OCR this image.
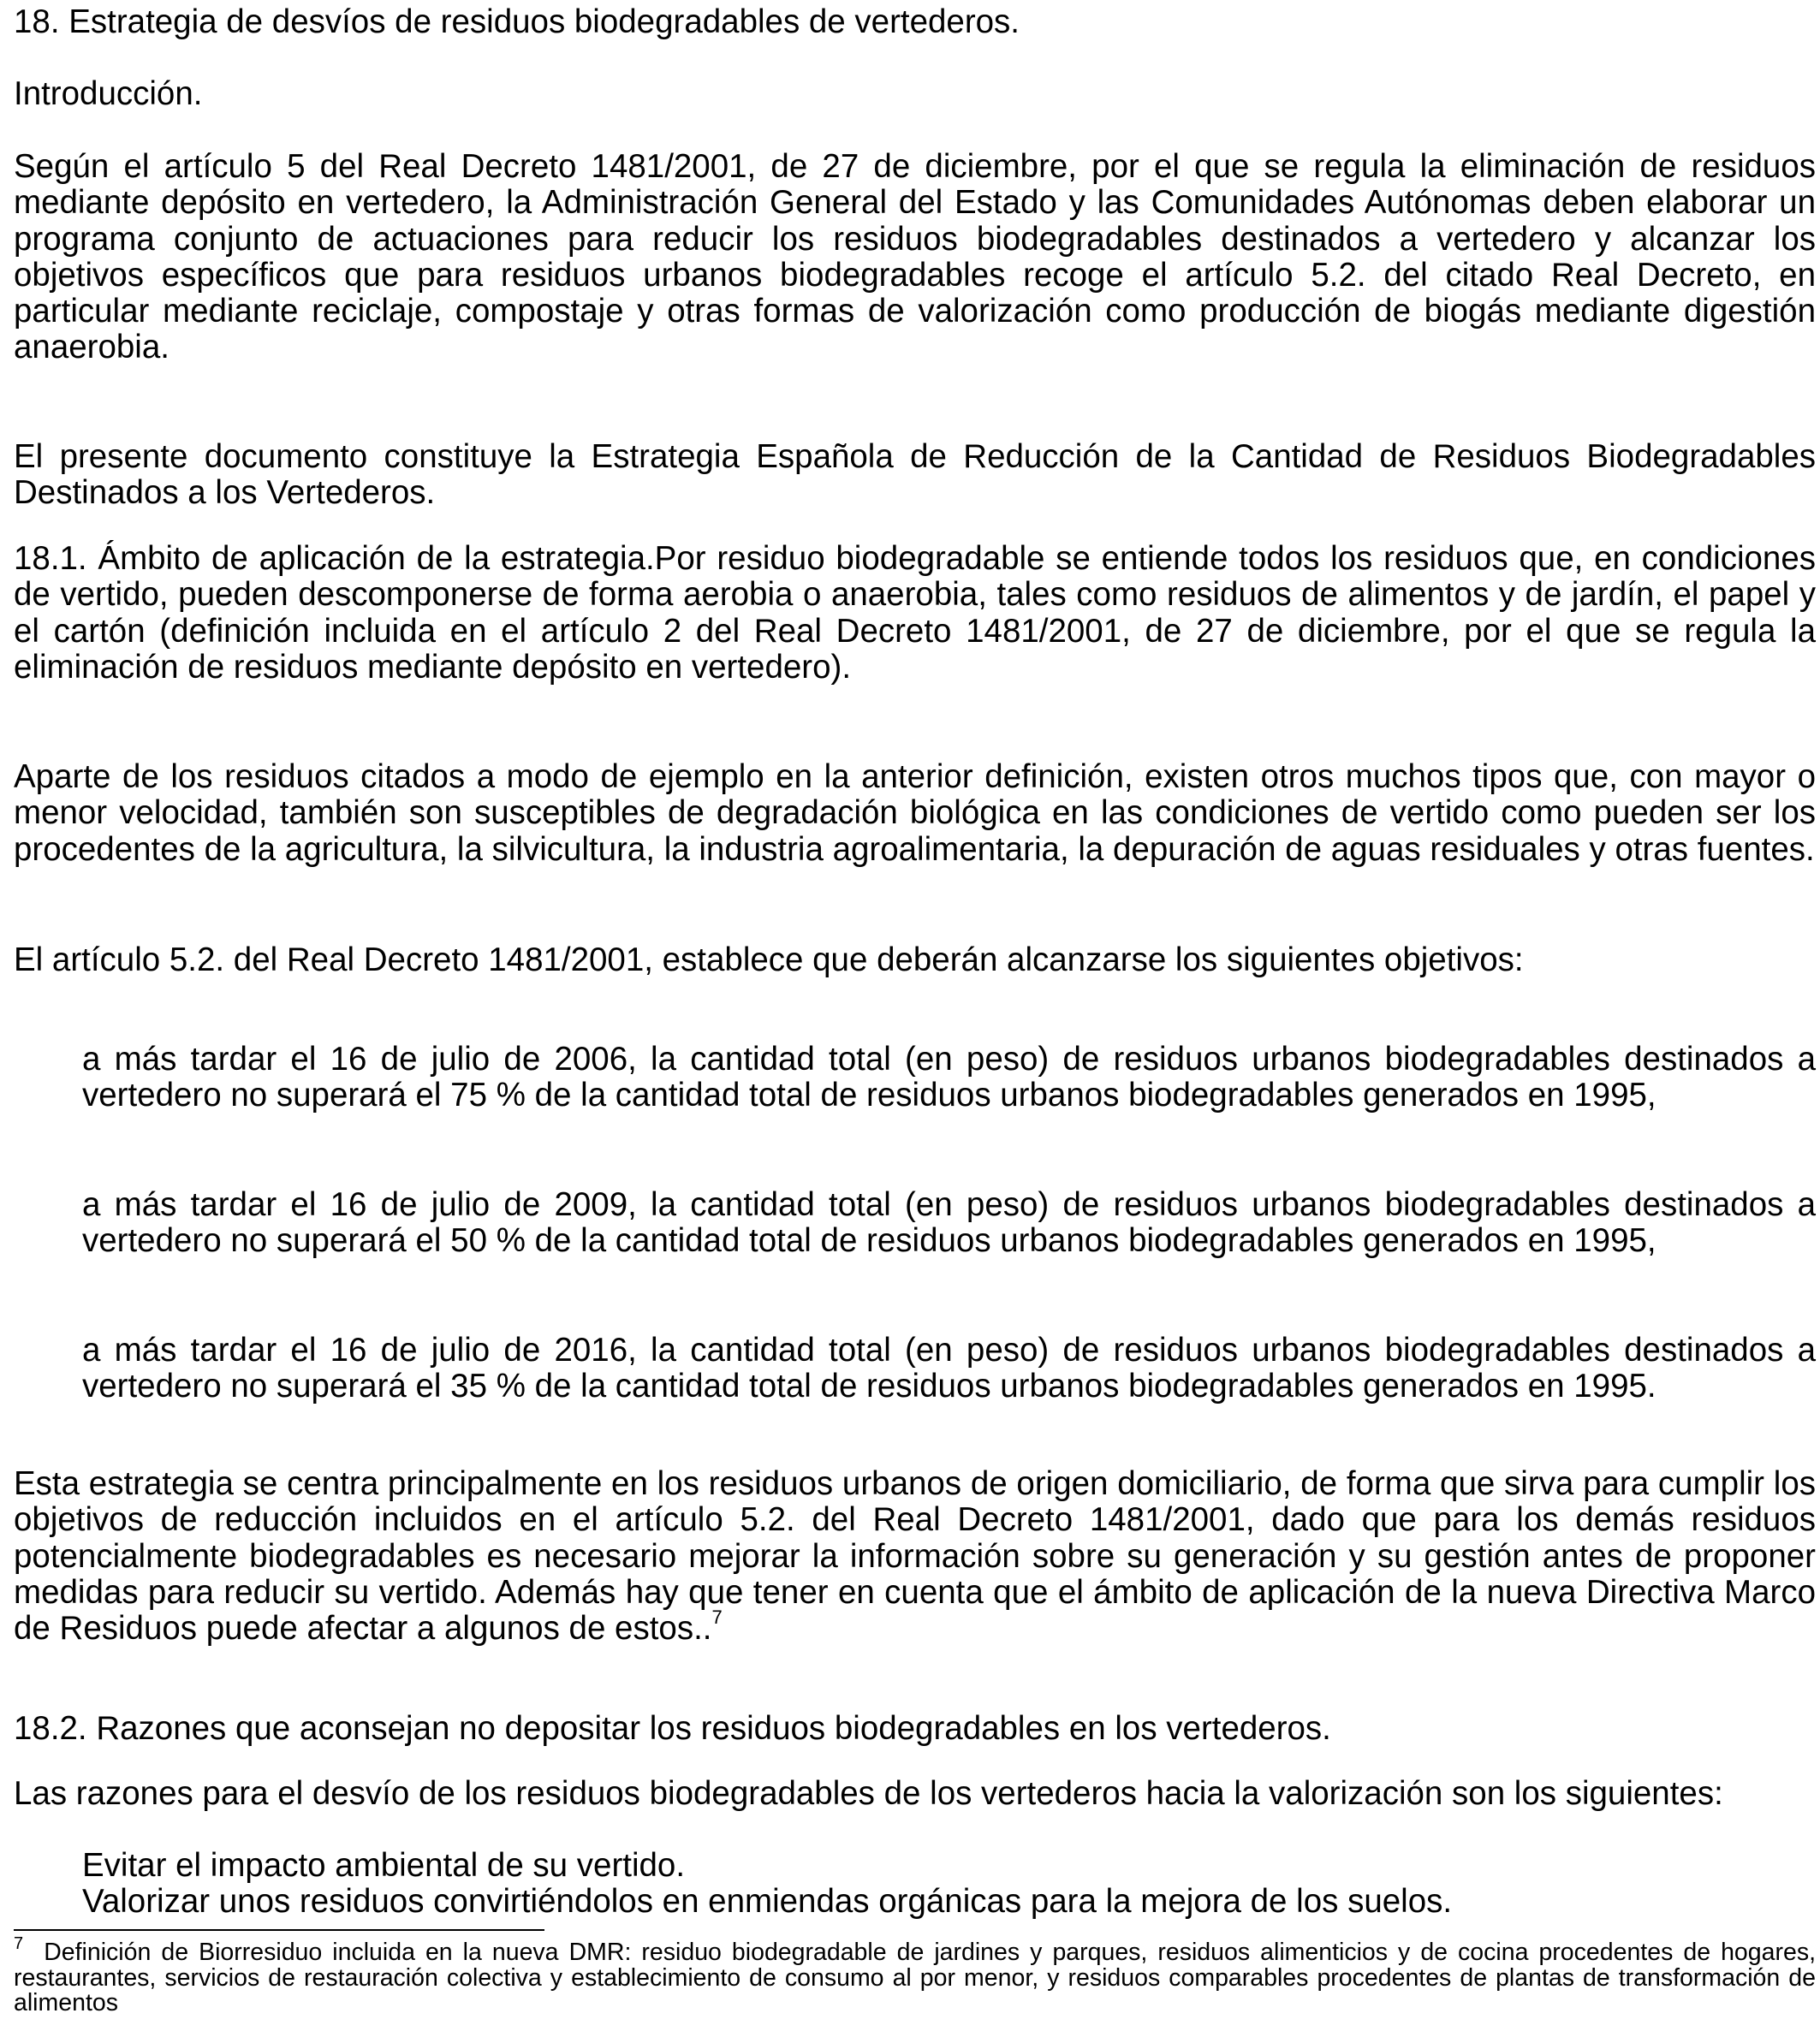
18. Estrategia de desvíos de residuos biodegradables de vertederos.

Introducción.

Según el artículo 5 del Real Decreto 1481/2001, de 27 de diciembre, por el que se regula la eliminación de residuos mediante depósito en vertedero, la Administración General del Estado y las Comunidades Autónomas deben elaborar un programa conjunto de actuaciones para reducir los residuos biodegradables destinados a vertedero y alcanzar los objetivos específicos que para residuos urbanos biodegradables recoge el artículo 5.2. del citado Real Decreto, en particular mediante reciclaje, compostaje y otras formas de valorización como producción de biogás mediante digestión anaerobia.

El presente documento constituye la Estrategia Española de Reducción de la Cantidad de Residuos Biodegradables Destinados a los Vertederos.

18.1. Ámbito de aplicación de la estrategia.Por residuo biodegradable se entiende todos los residuos que, en condiciones de vertido, pueden descomponerse de forma aerobia o anaerobia, tales como residuos de alimentos y de jardín, el papel y el cartón (definición incluida en el artículo 2 del Real Decreto 1481/2001, de 27 de diciembre, por el que se regula la eliminación de residuos mediante depósito en vertedero).

Aparte de los residuos citados a modo de ejemplo en la anterior definición, existen otros muchos tipos que, con mayor o menor velocidad, también son susceptibles de degradación biológica en las condiciones de vertido como pueden ser los procedentes de la agricultura, la silvicultura, la industria agroalimentaria, la depuración de aguas residuales y otras fuentes.

El artículo 5.2. del Real Decreto 1481/2001, establece que deberán alcanzarse los siguientes objetivos:

a más tardar el 16 de julio de 2006, la cantidad total (en peso) de residuos urbanos biodegradables destinados a vertedero no superará el 75 % de la cantidad total de residuos urbanos biodegradables generados en 1995,

a más tardar el 16 de julio de 2009, la cantidad total (en peso) de residuos urbanos biodegradables destinados a vertedero no superará el 50 % de la cantidad total de residuos urbanos biodegradables generados en 1995,

a más tardar el 16 de julio de 2016, la cantidad total (en peso) de residuos urbanos biodegradables destinados a vertedero no superará el 35 % de la cantidad total de residuos urbanos biodegradables generados en 1995.

Esta estrategia se centra principalmente en los residuos urbanos de origen domiciliario, de forma que sirva para cumplir los objetivos de reducción incluidos en el artículo 5.2. del Real Decreto 1481/2001, dado que para los demás residuos potencialmente biodegradables es necesario mejorar la información sobre su generación y su gestión antes de proponer medidas para reducir su vertido. Además hay que tener en cuenta que el ámbito de aplicación de la nueva Directiva Marco de Residuos puede afectar a algunos de estos..$^7$

18.2. Razones que aconsejan no depositar los residuos biodegradables en los vertederos.

Las razones para el desvío de los residuos biodegradables de los vertederos hacia la valorización son los siguientes:

Evitar el impacto ambiental de su vertido.

Valorizar unos residuos convirtiéndolos en enmiendas orgánicas para la mejora de los suelos.

$^7$ Definición de Biorresiduo incluida en la nueva DMR: residuo biodegradable de jardines y parques, residuos alimenticios y de cocina procedentes de hogares, restaurantes, servicios de restauración colectiva y establecimiento de consumo al por menor, y residuos comparables procedentes de plantas de transformación de alimentos
